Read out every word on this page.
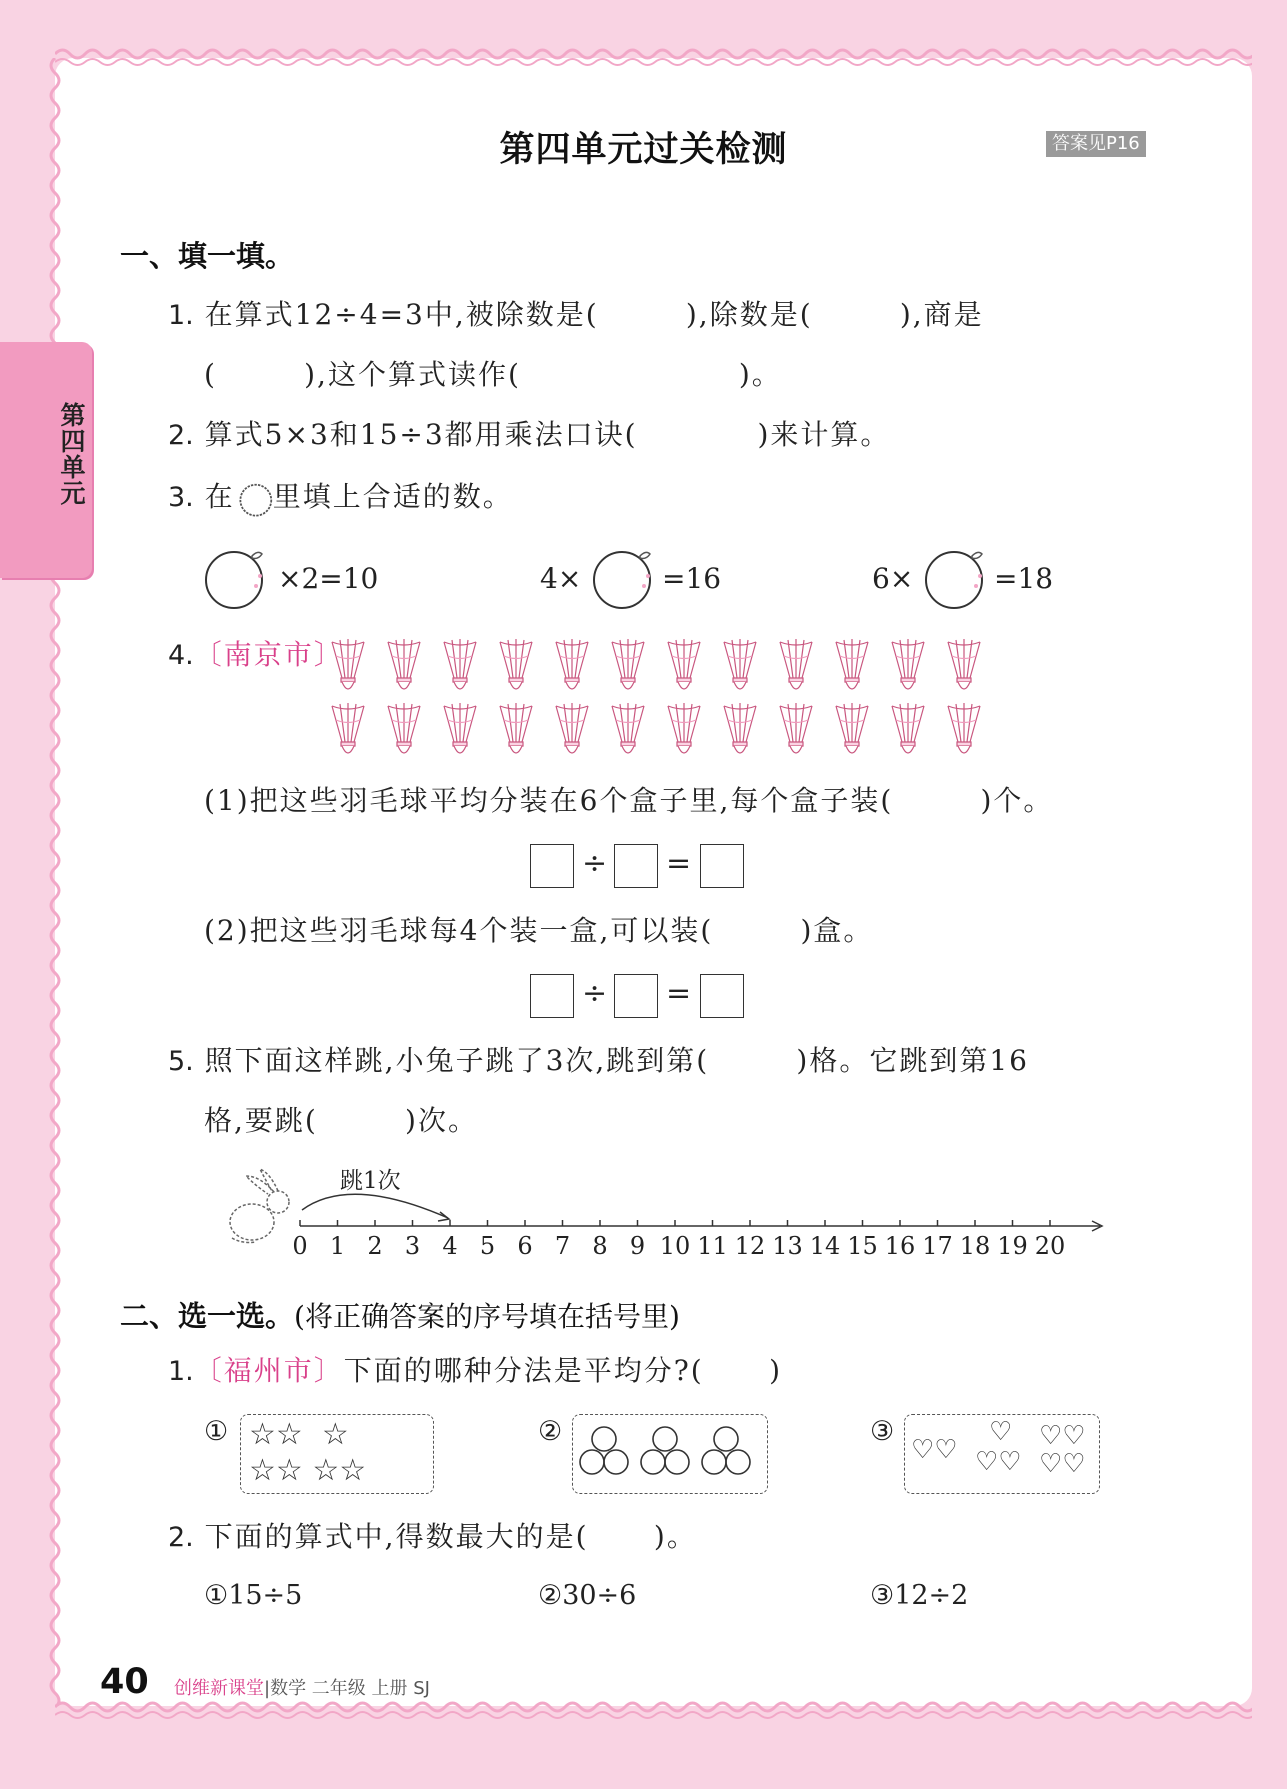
第四单元
第四单元过关检测	答案见P16
一、填一填。
1. 在算式12÷4=3中,被除数是(        ),除数是(        ),商是
(        ),这个算式读作(                    )。
2. 算式5×3和15÷3都用乘法口诀(           )来计算。
3. 在 里填上合适的数。
×2=10	4×	=16	6×	=18
4.〔南京市〕
(1)把这些羽毛球平均分装在6个盒子里,每个盒子装(        )个。
÷ =
(2)把这些羽毛球每4个装一盒,可以装(        )盒。
÷ =
5. 照下面这样跳,小兔子跳了3次,跳到第(        )格。它跳到第16
格,要跳(        )次。
跳1次
0 1 2 3 4 5 6 7 8 9 10 11 12 13 14 15 16 17 18 19 20
二、选一选。(将正确答案的序号填在括号里)
1.〔福州市〕下面的哪种分法是平均分?(      )
① ☆☆  ☆
☆☆ ☆☆
②	③
♡♡
♡
♡♡
♡♡
♡♡
2. 下面的算式中,得数最大的是(      )。
①15÷5	②30÷6	③12÷2
40 创维新课堂|数学 二年级 上册 SJ
